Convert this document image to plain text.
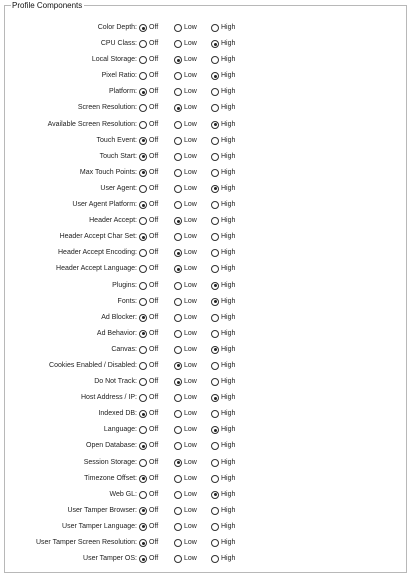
Profile Components
Color Depth: Off	Low	High
CPU Class: Off	Low	High
Local Storage: Off	Low	High
Pixel Ratio: Off	Low	High
Platform: Off	Low	High
Screen Resolution: Off	Low	High
Available Screen Resolution: Off	Low	High
Touch Event: Off	Low	High
Touch Start: Off	Low	High
Max Touch Points: Off	Low	High
User Agent: Off	Low	High
User Agent Platform: Off	Low	High
Header Accept: Off	Low	High
Header Accept Char Set: Off	Low	High
Header Accept Encoding: Off	Low	High
Header Accept Language: Off	Low	High
Plugins: Off	Low	High
Fonts: Off	Low	High
Ad Blocker: Off	Low	High
Ad Behavior: Off	Low	High
Canvas: Off	Low	High
Cookies Enabled / Disabled: Off	Low	High
Do Not Track: Off	Low	High
Host Address / IP: Off	Low	High
Indexed DB: Off	Low	High
Language: Off	Low	High
Open Database: Off	Low	High
Session Storage: Off	Low	High
Timezone Offset: Off	Low	High
Web GL: Off	Low	High
User Tamper Browser: Off	Low	High
User Tamper Language: Off	Low	High
User Tamper Screen Resolution: Off	Low	High
User Tamper OS: Off	Low	High
